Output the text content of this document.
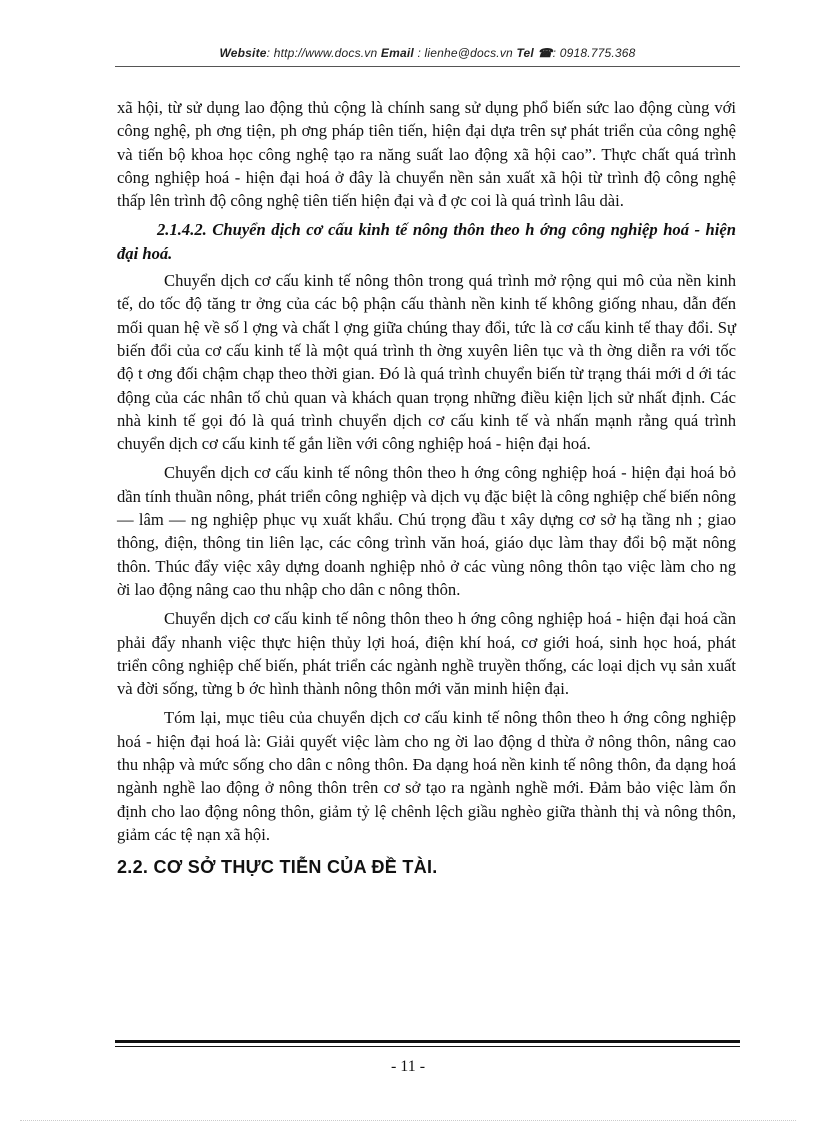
Website: http://www.docs.vn Email : lienhe@docs.vn Tel ☎: 0918.775.368

xã hội, từ sử dụng lao động thủ cộng là chính sang sử dụng phổ biến sức lao động cùng với công nghệ, ph ơng tiện, ph ơng pháp tiên tiến, hiện đại dựa trên sự phát triển của công nghệ và tiến bộ khoa học công nghệ tạo ra năng suất lao động xã hội cao”. Thực chất quá trình công nghiệp hoá - hiện đại hoá ở đây là chuyển nền sản xuất xã hội từ trình độ công nghệ thấp lên trình độ công nghệ tiên tiến hiện đại và đ ợc coi là quá trình lâu dài.

2.1.4.2. Chuyển dịch cơ cấu kinh tế nông thôn theo h ớng công nghiệp hoá - hiện đại hoá.

Chuyển dịch cơ cấu kinh tế nông thôn trong quá trình mở rộng qui mô của nền kinh tế, do tốc độ tăng tr ởng của các bộ phận cấu thành nền kinh tế không giống nhau, dẫn đến mối quan hệ về số l ợng và chất l ợng giữa chúng thay đổi, tức là cơ cấu kinh tế thay đổi. Sự biến đổi của cơ cấu kinh tế là một quá trình th ờng xuyên liên tục và th ờng diễn ra với tốc độ t ơng đối chậm chạp theo thời gian. Đó là quá trình chuyển biến từ trạng thái mới d ới tác động của các nhân tố chủ quan và khách quan trọng những điều kiện lịch sử nhất định. Các nhà kinh tế gọi đó là quá trình chuyển dịch cơ cấu kinh tế và nhấn mạnh rằng quá trình chuyển dịch cơ cấu kinh tế gắn liền với công nghiệp hoá - hiện đại hoá.

Chuyển dịch cơ cấu kinh tế nông thôn theo h ớng công nghiệp hoá - hiện đại hoá bỏ dần tính thuần nông, phát triển công nghiệp và dịch vụ đặc biệt là công nghiệp chế biến nông — lâm — ng nghiệp phục vụ xuất khẩu. Chú trọng đầu t xây dựng cơ sở hạ tầng nh ; giao thông, điện, thông tin liên lạc, các công trình văn hoá, giáo dục làm thay đổi bộ mặt nông thôn. Thúc đẩy việc xây dựng doanh nghiệp nhỏ ở các vùng nông thôn tạo việc làm cho ng ời lao động nâng cao thu nhập cho dân c nông thôn.

Chuyển dịch cơ cấu kinh tế nông thôn theo h ớng công nghiệp hoá - hiện đại hoá cần phải đẩy nhanh việc thực hiện thủy lợi hoá, điện khí hoá, cơ giới hoá, sinh học hoá, phát triển công nghiệp chế biến, phát triển các ngành nghề truyền thống, các loại dịch vụ sản xuất và đời sống, từng b ớc hình thành nông thôn mới văn minh hiện đại.

Tóm lại, mục tiêu của chuyển dịch cơ cấu kinh tế nông thôn theo h ớng công nghiệp hoá - hiện đại hoá là: Giải quyết việc làm cho ng ời lao động d thừa ở nông thôn, nâng cao thu nhập và mức sống cho dân c nông thôn. Đa dạng hoá nền kinh tế nông thôn, đa dạng hoá ngành nghề lao động ở nông thôn trên cơ sở tạo ra ngành nghề mới. Đảm bảo việc làm ổn định cho lao động nông thôn, giảm tỷ lệ chênh lệch giầu nghèo giữa thành thị và nông thôn, giảm các tệ nạn xã hội.

2.2. CƠ SỞ THỰC TIỄN CỦA ĐỀ TÀI.
- 11 -
